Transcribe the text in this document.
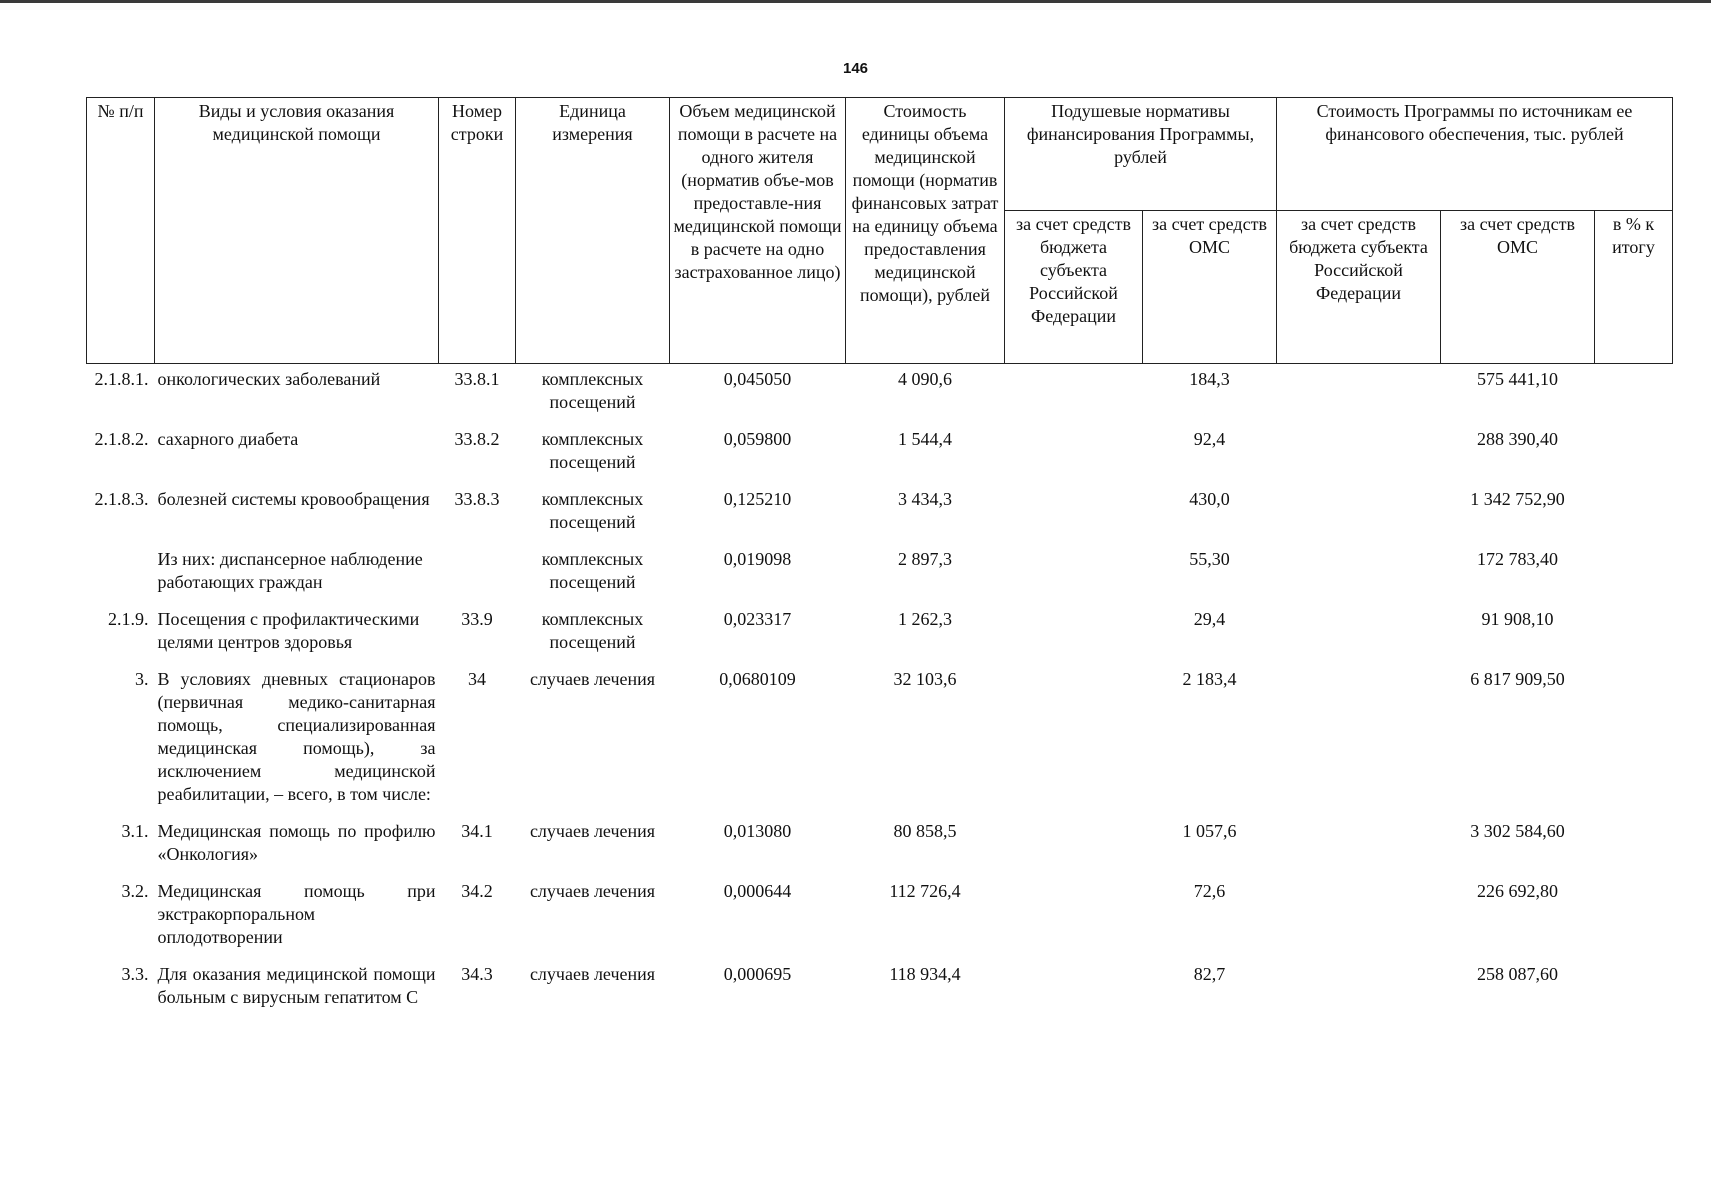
146
№ п/п	Виды и условия оказания медицинской помощи	Номер строки	Единица измерения	Объем медицинской помощи в расчете на одного жителя (норматив объе-мов предоставле-ния медицинской помощи в расчете на одно застрахованное лицо)	Стоимость единицы объема медицинской помощи (норматив финансовых затрат на единицу объема предоставления медицинской помощи), рублей	Подушевые нормативы финансирования Программы, рублей		Стоимость Программы по источникам ее финансового обеспечения, тыс. рублей		
						за счет средств бюджета субъекта Российской Федерации	за счет средств ОМС	за счет средств бюджета субъекта Российской Федерации	за счет средств ОМС	в % к итогу
2.1.8.1.	онкологических заболеваний	33.8.1	комплексных посещений	0,045050	4 090,6		184,3		575 441,10	
2.1.8.2.	сахарного диабета	33.8.2	комплексных посещений	0,059800	1 544,4		92,4		288 390,40	
2.1.8.3.	болезней системы кровообращения	33.8.3	комплексных посещений	0,125210	3 434,3		430,0		1 342 752,90	
	Из них: диспансерное наблюдение работающих граждан		комплексных посещений	0,019098	2 897,3		55,30		172 783,40	
2.1.9.	Посещения с профилактическими целями центров здоровья	33.9	комплексных посещений	0,023317	1 262,3		29,4		91 908,10	
3.	В условиях дневных стационаров (первичная медико-санитарная помощь, специализированная медицинская помощь), за исключением медицинской реабилитации, – всего, в том числе:	34	случаев лечения	0,0680109	32 103,6		2 183,4		6 817 909,50	
3.1.	Медицинская помощь по профилю «Онкология»	34.1	случаев лечения	0,013080	80 858,5		1 057,6		3 302 584,60	
3.2.	Медицинская помощь при экстракорпоральном оплодотворении	34.2	случаев лечения	0,000644	112 726,4		72,6		226 692,80	
3.3.	Для оказания медицинской помощи больным с вирусным гепатитом С	34.3	случаев лечения	0,000695	118 934,4		82,7		258 087,60	
